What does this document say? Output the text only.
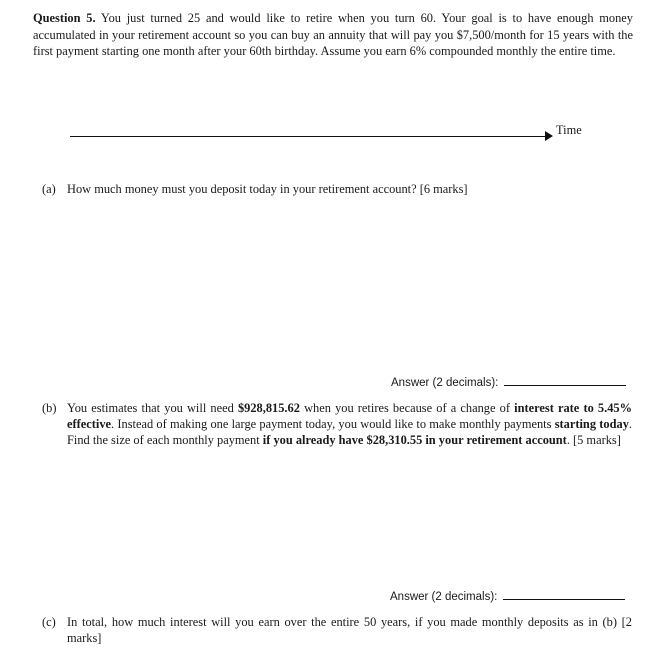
Question 5. You just turned 25 and would like to retire when you turn 60. Your goal is to have enough money accumulated in your retirement account so you can buy an annuity that will pay you $7,500/month for 15 years with the first payment starting one month after your 60th birthday. Assume you earn 6% compounded monthly the entire time.
Time
(a) How much money must you deposit today in your retirement account? [6 marks]
Answer (2 decimals):
(b) You estimates that you will need $928,815.62 when you retires because of a change of interest rate to 5.45% effective. Instead of making one large payment today, you would like to make monthly payments starting today. Find the size of each monthly payment if you already have $28,310.55 in your retirement account. [5 marks]
Answer (2 decimals):
(c) In total, how much interest will you earn over the entire 50 years, if you made monthly deposits as in (b) [2 marks]
